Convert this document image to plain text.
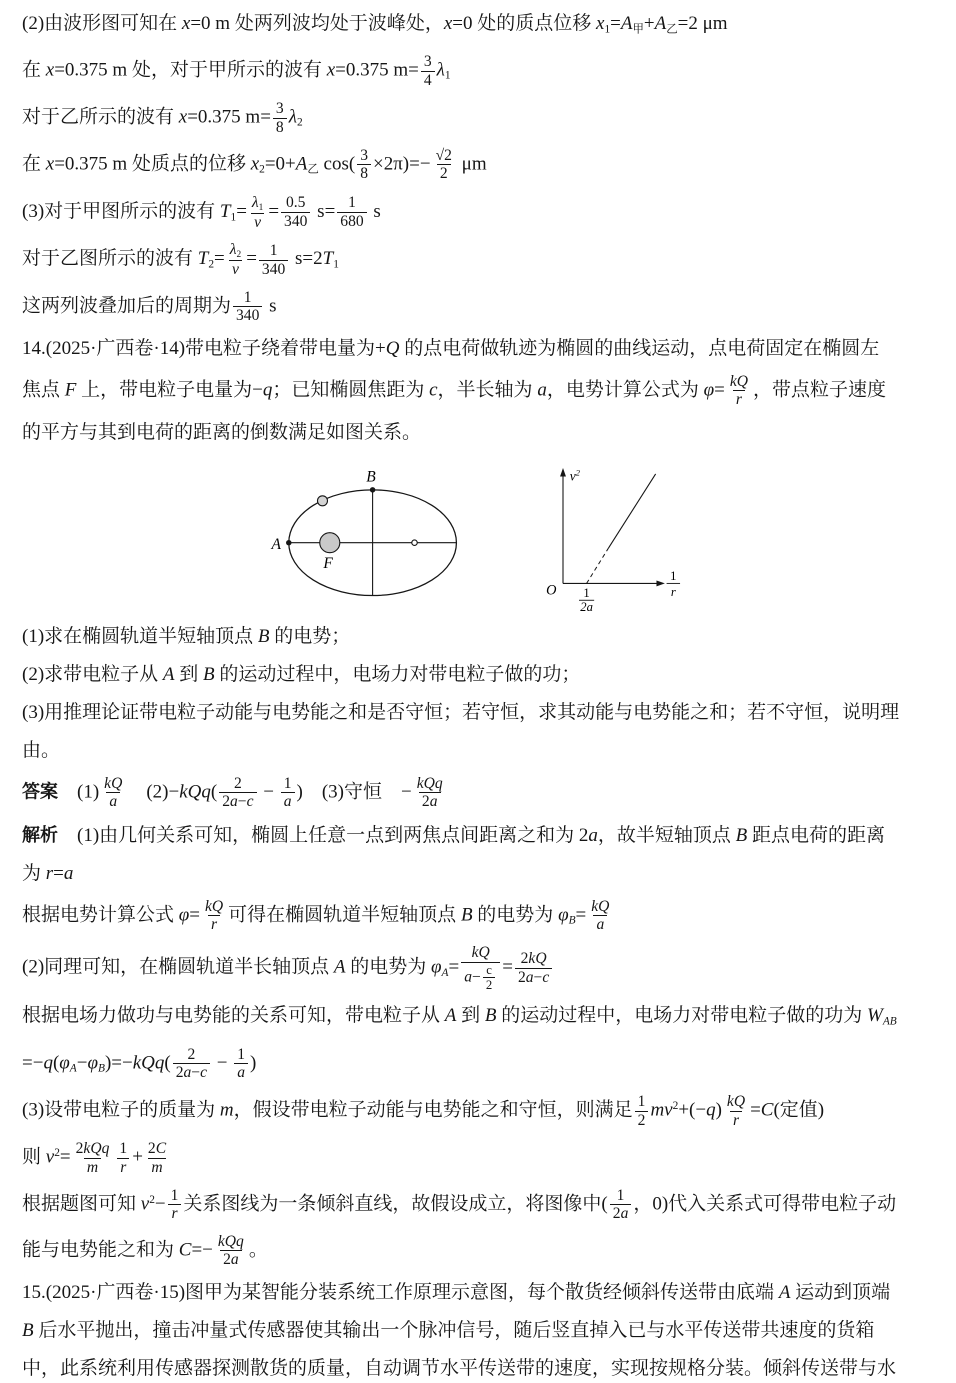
(2)由波形图可知在 x=0 m 处两列波均处于波峰处，x=0 处的质点位移 x1=A甲+A乙=2 μm
在 x=0.375 m 处，对于甲所示的波有 x=0.375 $m= \frac{3}{4} \lambda 1$
对于乙所示的波有 x=0.375 $m= \frac{3}{8} \lambda 2$
在 x=0.375 m 处质点的位移 x2=0+A乙 $\cos( \frac{3}{8} \times 2\pi)=- \frac{√2}{2}$ μm
(3)对于甲图所示的波有 $T1= \frac{\lambda 1}{v} = \frac{0.5}{340} s= \frac{1}{680}$ s
对于乙图所示的波有 $T2= \frac{\lambda 2}{v} = \frac{1}{340} s=2T1$
这两列波叠加后的周期为 $\frac{1}{340}$ s
14.(2025·广西卷·14)带电粒子绕着带电量为+Q 的点电荷做轨迹为椭圆的曲线运动，点电荷固定在椭圆左
焦点 F 上，带电粒子电量为−q；已知椭圆焦距为 c，半长轴为 a，电势计算公式为 $\varphi= \frac{kQ}{r}$ ，带点粒子速度
的平方与其到电荷的距离的倒数满足如图关系。
A
B
F
$v^2$
O
1
r
1
2a
(1)求在椭圆轨道半短轴顶点 B 的电势；
(2)求带电粒子从 A 到 B 的运动过程中，电场力对带电粒子做的功；
(3)用推理论证带电粒子动能与电势能之和是否守恒；若守恒，求其动能与电势能之和；若不守恒，说明理
由。
答案　$(1) \frac{kQ}{a}$ 　$(2)-kQq( \frac{2}{2a-c} - \frac{1}{a}$ )　(3)守恒　− $\frac{\text{kQq}}{2a}$
解析　(1)由几何关系可知，椭圆上任意一点到两焦点间距离之和为 2a，故半短轴顶点 B 距点电荷的距离
为 r=a
根据电势计算公式 $\varphi= \frac{kQ}{r}$ 可得在椭圆轨道半短轴顶点 B 的电势为 $\varphi B= \frac{kQ}{a}$
(2)同理可知，在椭圆轨道半长轴顶点 A 的电势为 $\varphi A= \frac{kQ}{a- \frac{c}{2}} = \frac{2kQ}{2a-c}$
根据电场力做功与电势能的关系可知，带电粒子从 A 到 B 的运动过程中，电场力对带电粒子做的功为 WAB
$=-q(\varphi A-\varphi B)=-kQq( \frac{2}{2a-c} - \frac{1}{a}$ )
(3)设带电粒子的质量为 m，假设带电粒子动能与电势能之和守恒，则满足 $\frac{1}{2} mv^2+(-q) \frac{kQ}{r} =C$(定值)
则 $v^2= \frac{\text{2kQq}}{m} \frac{1}{r} + \frac{2C}{m}$
根据题图可知 $v^2- \frac{1}{r}$ 关系图线为一条倾斜直线，故假设成立，将图像中( $\frac{1}{2a}$ ，0)代入关系式可得带电粒子动
能与电势能之和为 $C=- \frac{\text{kQq}}{2a}$ 。
15.(2025·广西卷·15)图甲为某智能分装系统工作原理示意图，每个散货经倾斜传送带由底端 A 运动到顶端
B 后水平抛出，撞击冲量式传感器使其输出一个脉冲信号，随后竖直掉入已与水平传送带共速度的货箱
中，此系统利用传感器探测散货的质量，自动调节水平传送带的速度，实现按规格分装。倾斜传送带与水
